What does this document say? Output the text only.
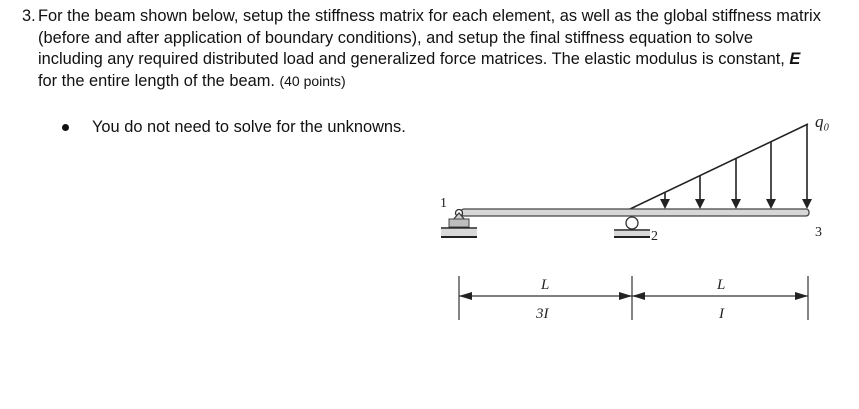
3. For the beam shown below, setup the stiffness matrix for each element, as well as the global stiffness matrix (before and after application of boundary conditions), and setup the final stiffness equation to solve including any required distributed load and generalized force matrices. The elastic modulus is constant, E for the entire length of the beam. (40 points)
You do not need to solve for the unknowns.	q₀
1
2	3
L
3I
L
I
